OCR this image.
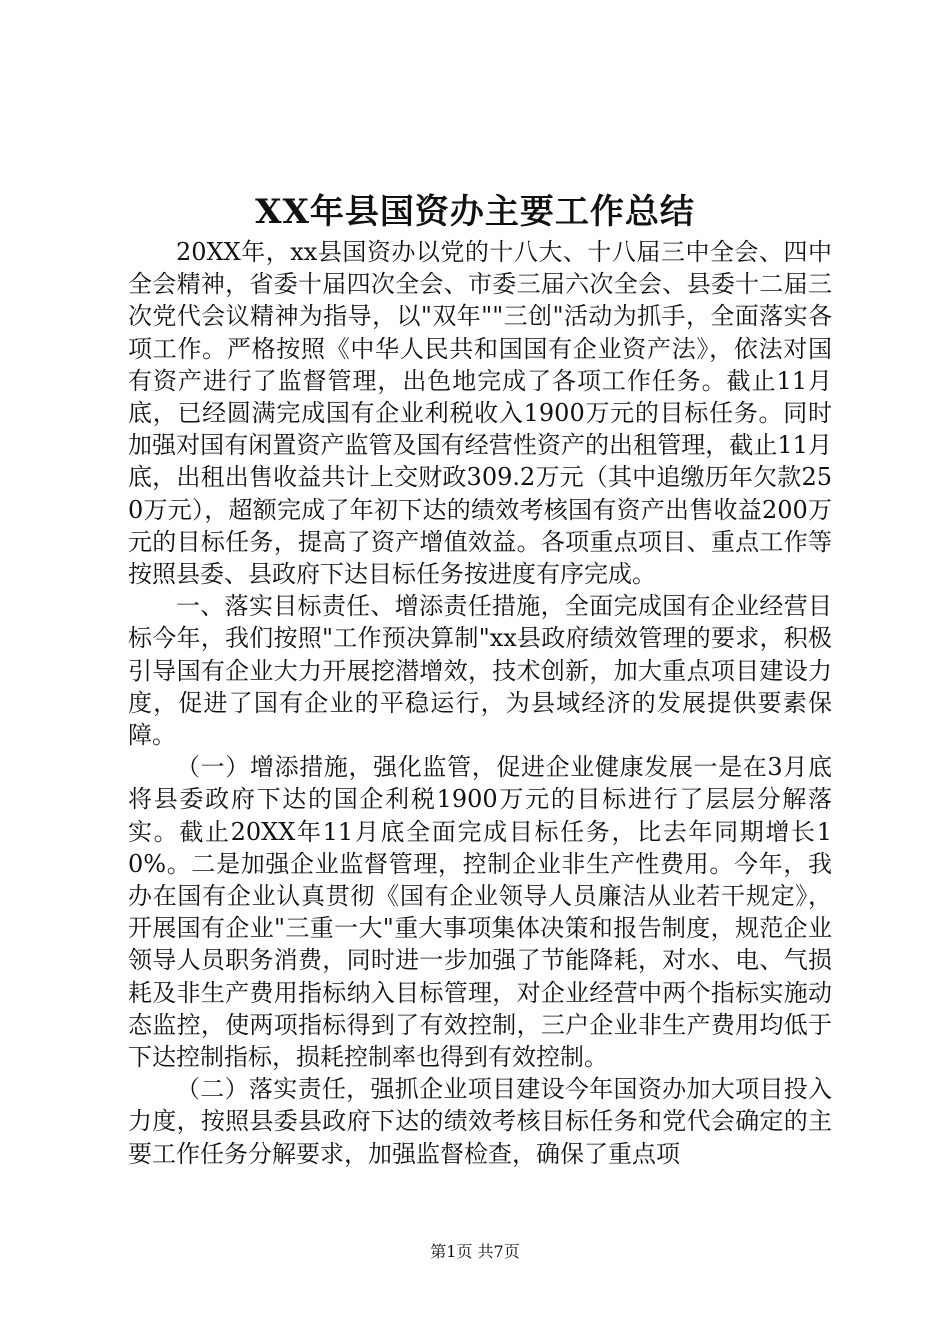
XX年县国资办主要工作总结

20XX年，xx县国资办以党的十八大、十八届三中全会、四中全会精神，省委十届四次全会、市委三届六次全会、县委十二届三次党代会议精神为指导，以"双年""三创"活动为抓手，全面落实各项工作。严格按照《中华人民共和国国有企业资产法》，依法对国有资产进行了监督管理，出色地完成了各项工作任务。截止11月底，已经圆满完成国有企业利税收入1900万元的目标任务。同时加强对国有闲置资产监管及国有经营性资产的出租管理，截止11月底，出租出售收益共计上交财政309.2万元（其中追缴历年欠款250万元），超额完成了年初下达的绩效考核国有资产出售收益200万元的目标任务，提高了资产增值效益。各项重点项目、重点工作等按照县委、县政府下达目标任务按进度有序完成。

一、落实目标责任、增添责任措施，全面完成国有企业经营目标今年，我们按照"工作预决算制"xx县政府绩效管理的要求，积极引导国有企业大力开展挖潜增效，技术创新，加大重点项目建设力度，促进了国有企业的平稳运行，为县域经济的发展提供要素保障。

（一）增添措施，强化监管，促进企业健康发展一是在3月底将县委政府下达的国企利税1900万元的目标进行了层层分解落实。截止20XX年11月底全面完成目标任务，比去年同期增长10%。二是加强企业监督管理，控制企业非生产性费用。今年，我办在国有企业认真贯彻《国有企业领导人员廉洁从业若干规定》，开展国有企业"三重一大"重大事项集体决策和报告制度，规范企业领导人员职务消费，同时进一步加强了节能降耗，对水、电、气损耗及非生产费用指标纳入目标管理，对企业经营中两个指标实施动态监控，使两项指标得到了有效控制，三户企业非生产费用均低于下达控制指标，损耗控制率也得到有效控制。

（二）落实责任，强抓企业项目建设今年国资办加大项目投入力度，按照县委县政府下达的绩效考核目标任务和党代会确定的主要工作任务分解要求，加强监督检查，确保了重点项

第1页 共7页
